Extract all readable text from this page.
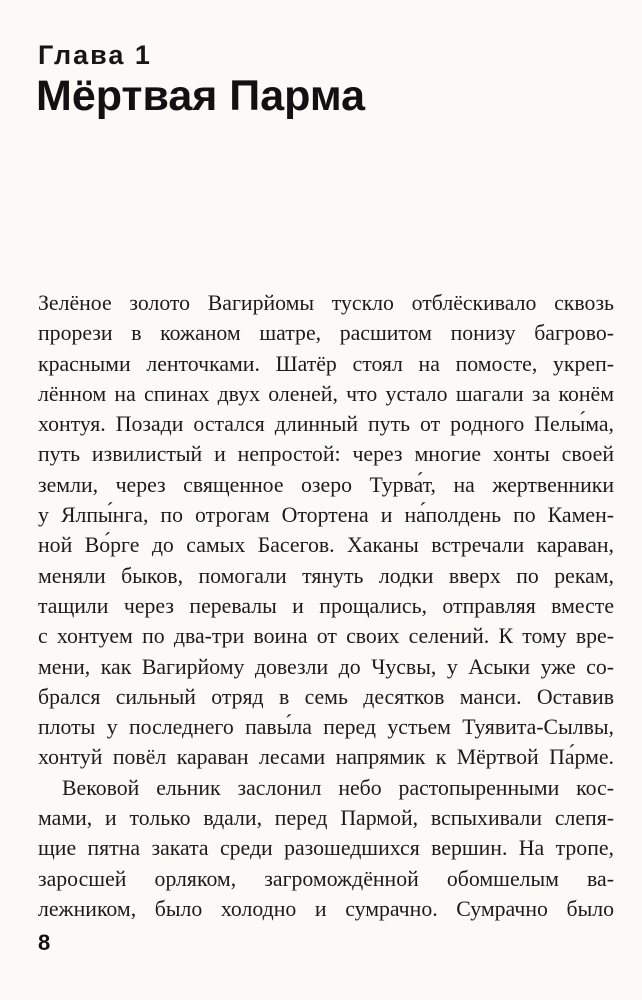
Глава 1
Мёртвая Парма
Зелёное золото Вагирйомы тускло отблёскивало сквозь
прорези в кожаном шатре, расшитом понизу багрово-
красными ленточками. Шатёр стоял на помосте, укреп-
лённом на спинах двух оленей, что устало шагали за конём
хонтуя. Позади остался длинный путь от родного Пелы́ма,
путь извилистый и непростой: через многие хонты своей
земли, через священное озеро Турва́т, на жертвенники
у Ялпы́нга, по отрогам Отортена и на́полдень по Камен-
ной Во́рге до самых Басегов. Хаканы встречали караван,
меняли быков, помогали тянуть лодки вверх по рекам,
тащили через перевалы и прощались, отправляя вместе
с хонтуем по два-три воина от своих селений. К тому вре-
мени, как Вагирйому довезли до Чусвы, у Асыки уже со-
брался сильный отряд в семь десятков манси. Оставив
плоты у последнего павы́ла перед устьем Туявита-Сылвы,
хонтуй повёл караван лесами напрямик к Мёртвой Па́рме.
Вековой ельник заслонил небо растопыренными кос-
мами, и только вдали, перед Пармой, вспыхивали слепя-
щие пятна заката среди разошедшихся вершин. На тропе,
заросшей орляком, загромождённой обомшелым ва-
лежником, было холодно и сумрачно. Сумрачно было
8
